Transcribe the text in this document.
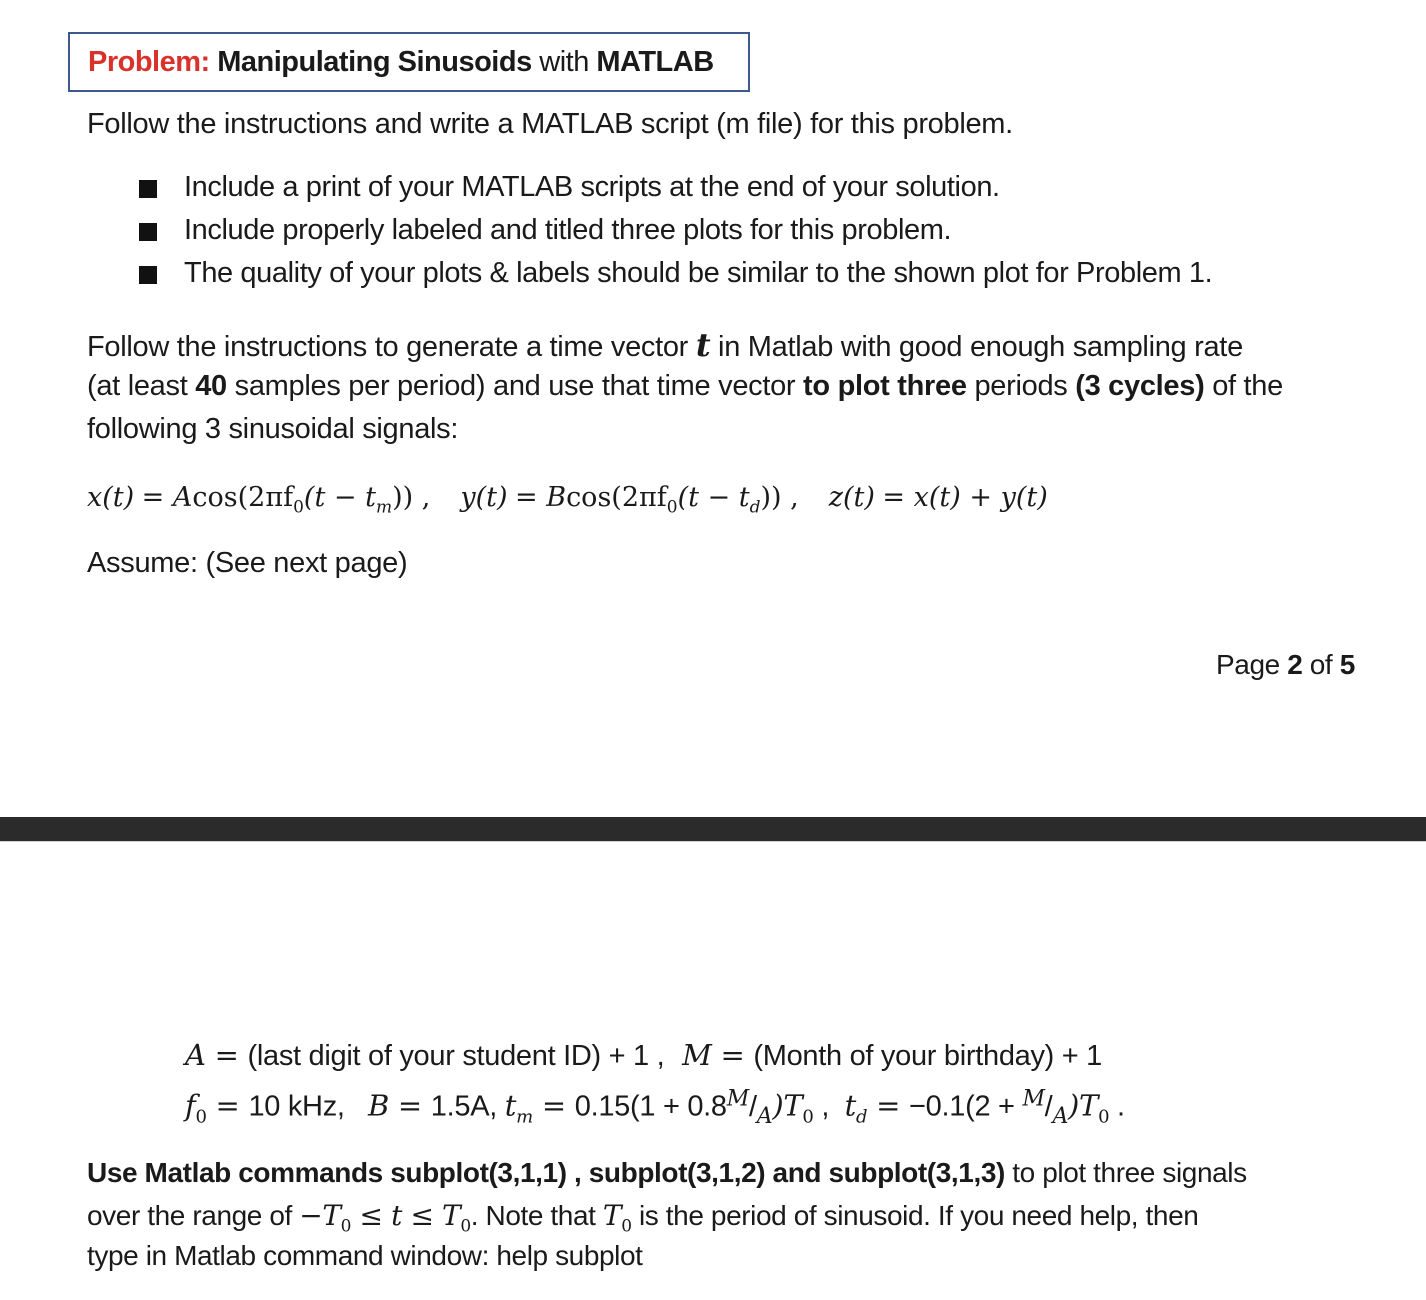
Problem: Manipulating Sinusoids with MATLAB
Follow the instructions and write a MATLAB script (m file) for this problem.
Include a print of your MATLAB scripts at the end of your solution.
Include properly labeled and titled three plots for this problem.
The quality of your plots & labels should be similar to the shown plot for Problem 1.
Follow the instructions to generate a time vector t in Matlab with good enough sampling rate
(at least 40 samples per period) and use that time vector to plot three periods (3 cycles) of the
following 3 sinusoidal signals:
$x(t) = Acos(2\pi f_0(t - t_m))$ , $y(t) = Bcos(2\pi f_0(t - t_d))$ , z(t) = x(t) + y(t)
Assume: (See next page)
Page 2 of 5
A = (last digit of your student ID) + 1 , M = (Month of your birthday) + 1
$f_0 = 10$ kHz, B = 1.5A, $t_m = 0.15(1 + 0.8^M/_A)T_0$ , $t_d = -0.1(2 + ^M/_A)T_0$ .
Use Matlab commands subplot(3,1,1) , subplot(3,1,2) and subplot(3,1,3) to plot three signals
over the range of $-T_0 \le t \le T_0$. Note that $T_0$ is the period of sinusoid. If you need help, then
type in Matlab command window: help subplot
